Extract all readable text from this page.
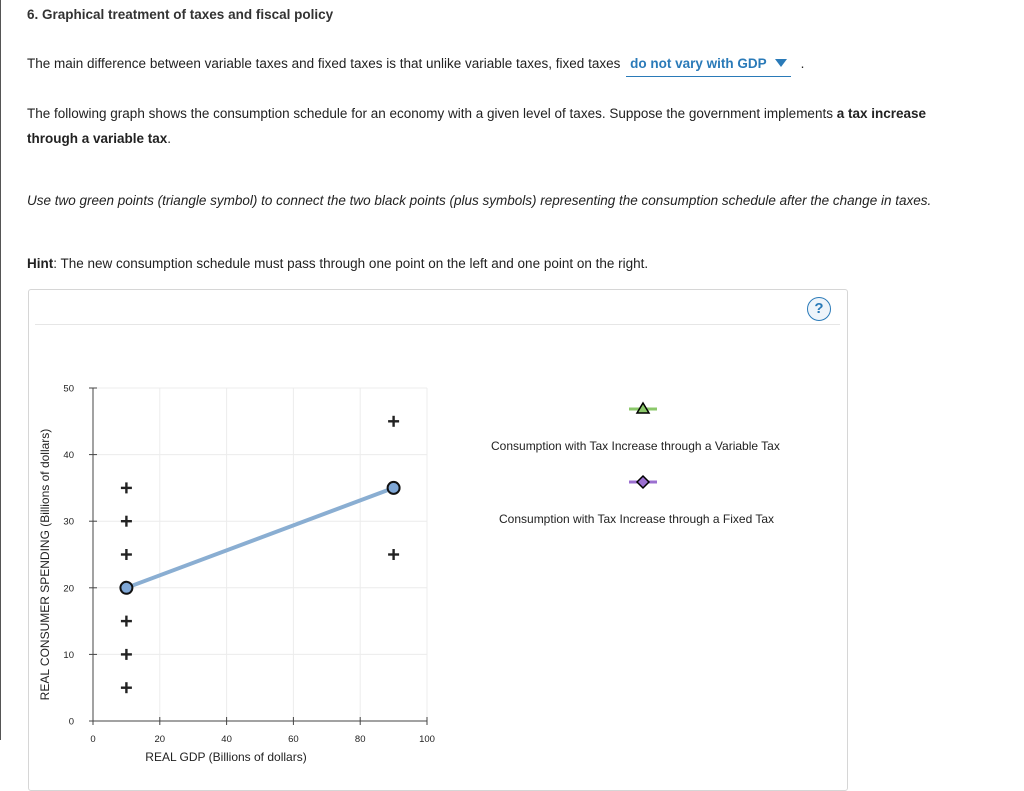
6. Graphical treatment of taxes and fiscal policy
The main difference between variable taxes and fixed taxes is that unlike variable taxes, fixed taxes do not vary with GDP	.
The following graph shows the consumption schedule for an economy with a given level of taxes. Suppose the government implements a tax increase through a variable tax.
Use two green points (triangle symbol) to connect the two black points (plus symbols) representing the consumption schedule after the change in taxes.
Hint: The new consumption schedule must pass through one point on the left and one point on the right.
?
0	20	40	60	80	100
0
10
20
30
40
50
REAL GDP (Billions of dollars)
REAL CONSUMER SPENDING (Billions of dollars)	Consumption with Tax Increase through a Variable Tax
Consumption with Tax Increase through a Fixed Tax
